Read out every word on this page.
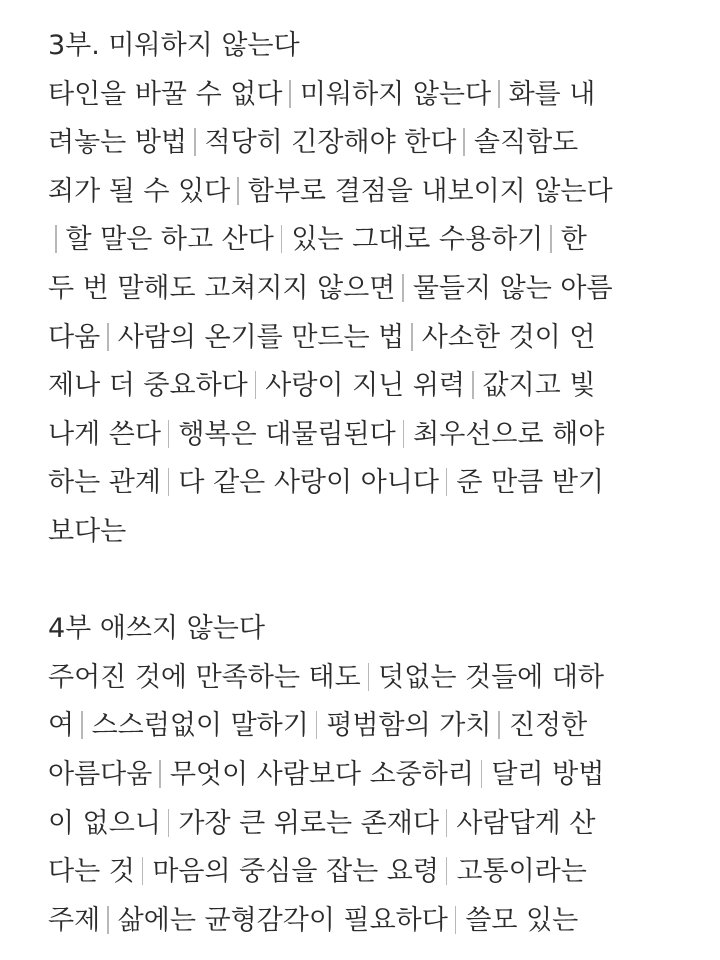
3부. 미워하지 않는다
타인을 바꿀 수 없다 미워하지 않는다 화를 내
려놓는 방법 적당히 긴장해야 한다 솔직함도
죄가 될 수 있다 함부로 결점을 내보이지 않는다
할 말은 하고 산다 있는 그대로 수용하기 한
두 번 말해도 고쳐지지 않으면 물들지 않는 아름
다움 사람의 온기를 만드는 법 사소한 것이 언
제나 더 중요하다 사랑이 지닌 위력 값지고 빛
나게 쓴다 행복은 대물림된다 최우선으로 해야
하는 관계 다 같은 사랑이 아니다 준 만큼 받기
보다는
4부 애쓰지 않는다
주어진 것에 만족하는 태도 덧없는 것들에 대하
여 스스럼없이 말하기 평범함의 가치 진정한
아름다움 무엇이 사람보다 소중하리 달리 방법
이 없으니 가장 큰 위로는 존재다 사람답게 산
다는 것 마음의 중심을 잡는 요령 고통이라는
주제 삶에는 균형감각이 필요하다 쓸모 있는
